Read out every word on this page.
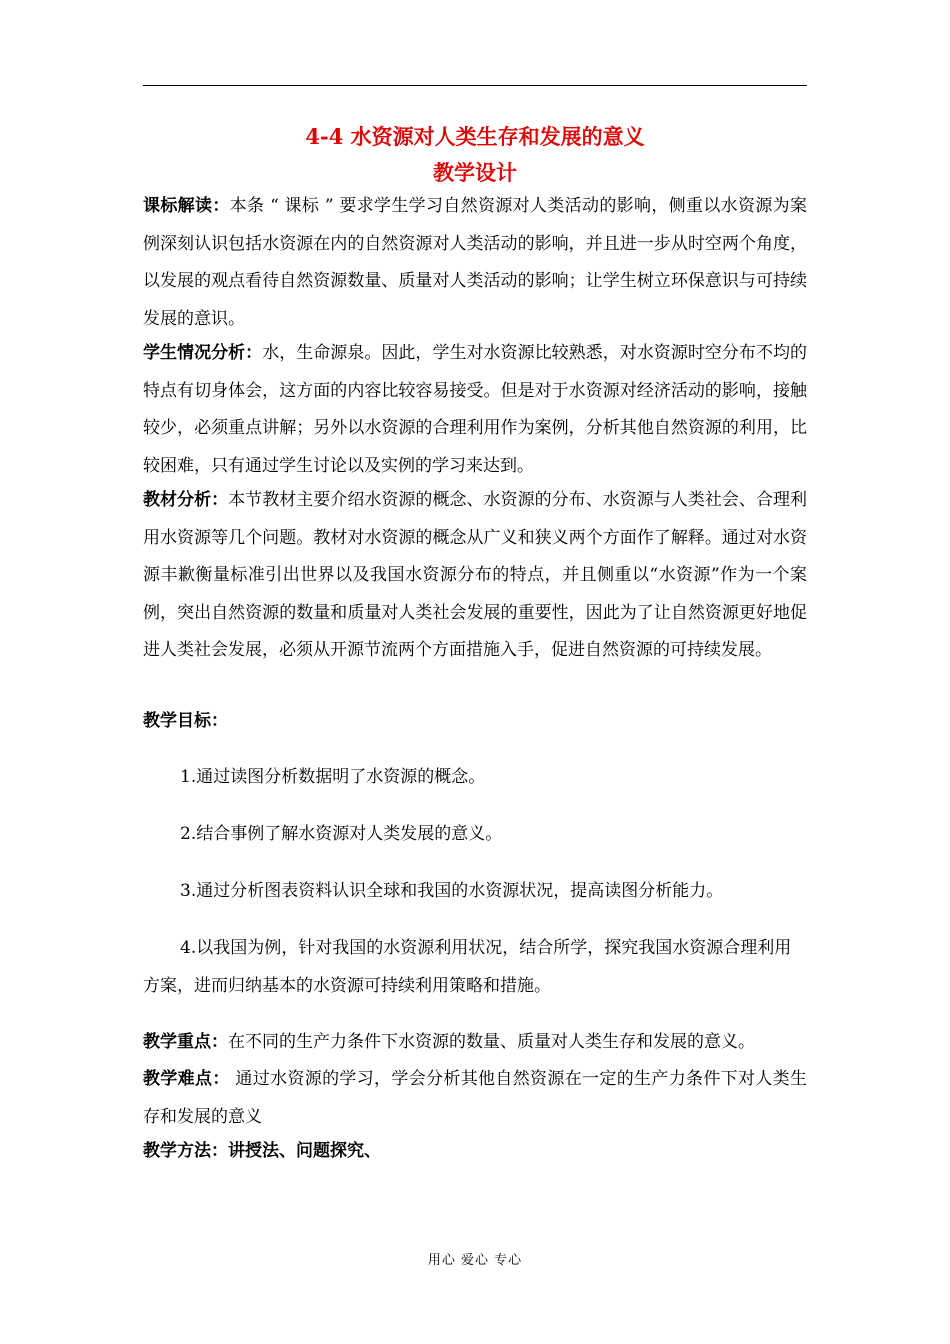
4-4 水资源对人类生存和发展的意义
教学设计

课标解读：本条 “ 课标 ” 要求学生学习自然资源对人类活动的影响，侧重以水资源为案例深刻认识包括水资源在内的自然资源对人类活动的影响，并且进一步从时空两个角度，以发展的观点看待自然资源数量、质量对人类活动的影响；让学生树立环保意识与可持续发展的意识。

学生情况分析：水，生命源泉。因此，学生对水资源比较熟悉，对水资源时空分布不均的特点有切身体会，这方面的内容比较容易接受。但是对于水资源对经济活动的影响，接触较少，必须重点讲解；另外以水资源的合理利用作为案例，分析其他自然资源的利用，比较困难，只有通过学生讨论以及实例的学习来达到。

教材分析：本节教材主要介绍水资源的概念、水资源的分布、水资源与人类社会、合理利用水资源等几个问题。教材对水资源的概念从广义和狭义两个方面作了解释。通过对水资源丰歉衡量标准引出世界以及我国水资源分布的特点，并且侧重以“水资源”作为一个案例，突出自然资源的数量和质量对人类社会发展的重要性，因此为了让自然资源更好地促进人类社会发展，必须从开源节流两个方面措施入手，促进自然资源的可持续发展。

教学目标：

1.通过读图分析数据明了水资源的概念。

2.结合事例了解水资源对人类发展的意义。

3.通过分析图表资料认识全球和我国的水资源状况，提高读图分析能力。

4.以我国为例，针对我国的水资源利用状况，结合所学，探究我国水资源合理利用方案，进而归纳基本的水资源可持续利用策略和措施。

教学重点：在不同的生产力条件下水资源的数量、质量对人类生存和发展的意义。

教学难点： 通过水资源的学习，学会分析其他自然资源在一定的生产力条件下对人类生存和发展的意义

教学方法：讲授法、问题探究、

用心 爱心 专心
